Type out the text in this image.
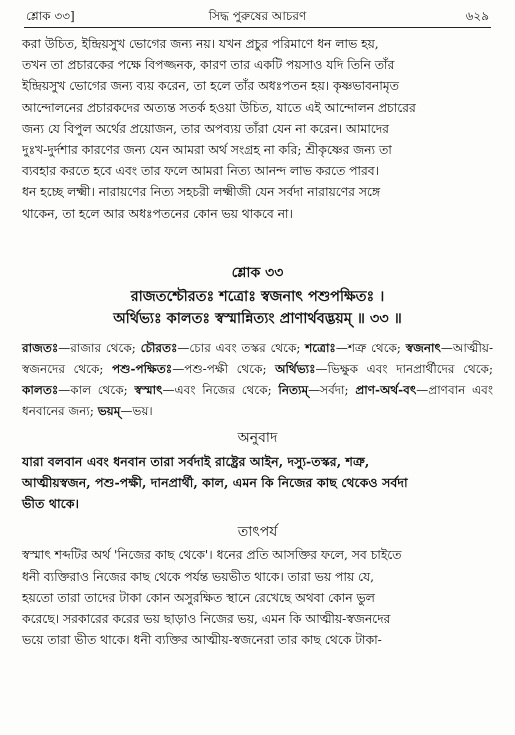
শ্লোক ৩৩]	সিদ্ধ পুরুষের আচরণ	৬২৯

করা উচিত, ইন্দ্রিয়সুখ ভোগের জন্য নয়। যখন প্রচুর পরিমাণে ধন লাভ হয়,

তখন তা প্রচারকের পক্ষে বিপজ্জনক, কারণ তার একটি পয়সাও যদি তিনি তাঁর

ইন্দ্রিয়সুখ ভোগের জন্য ব্যয় করেন, তা হলে তাঁর অধঃপতন হয়। কৃষ্ণভাবনামৃত

আন্দোলনের প্রচারকদের অত্যন্ত সতর্ক হওয়া উচিত, যাতে এই আন্দোলন প্রচারের

জন্য যে বিপুল অর্থের প্রয়োজন, তার অপব্যয় তাঁরা যেন না করেন। আমাদের

দুঃখ-দুর্দশার কারণের জন্য যেন আমরা অর্থ সংগ্রহ না করি; শ্রীকৃষ্ণের জন্য তা

ব্যবহার করতে হবে এবং তার ফলে আমরা নিত্য আনন্দ লাভ করতে পারব।

ধন হচ্ছে লক্ষ্মী। নারায়ণের নিত্য সহচরী লক্ষ্মীজী যেন সর্বদা নারায়ণের সঙ্গে

থাকেন, তা হলে আর অধঃপতনের কোন ভয় থাকবে না।

শ্লোক ৩৩

রাজতশ্চৌরতঃ শত্রোঃ স্বজনাৎ পশুপক্ষিতঃ ।

অর্থিভ্যঃ কালতঃ স্বস্মান্নিত্যং প্রাণার্থবদ্ভয়ম্ ॥ ৩৩ ॥

রাজতঃ—রাজার থেকে; চৌরতঃ—চোর এবং তস্কর থেকে; শত্রোঃ—শত্রু থেকে; স্বজনাৎ—আত্মীয়-স্বজনদের থেকে; পশু-পক্ষিতঃ—পশু-পক্ষী থেকে; অর্থিভ্যঃ—ভিক্ষুক এবং দানপ্রার্থীদের থেকে; কালতঃ—কাল থেকে; স্বস্মাৎ—এবং নিজের থেকে; নিত্যম্—সর্বদা; প্রাণ-অর্থ-বৎ—প্রাণবান এবং ধনবানের জন্য; ভয়ম্—ভয়।

অনুবাদ

যারা বলবান এবং ধনবান তারা সর্বদাই রাষ্ট্রের আইন, দস্যু-তস্কর, শত্রু,

আত্মীয়স্বজন, পশু-পক্ষী, দানপ্রার্থী, কাল, এমন কি নিজের কাছ থেকেও সর্বদা

ভীত থাকে।

তাৎপর্য

স্বস্মাৎ শব্দটির অর্থ 'নিজের কাছ থেকে'। ধনের প্রতি আসক্তির ফলে, সব চাইতে

ধনী ব্যক্তিরাও নিজের কাছ থেকে পর্যন্ত ভয়ভীত থাকে। তারা ভয় পায় যে,

হয়তো তারা তাদের টাকা কোন অসুরক্ষিত স্থানে রেখেছে অথবা কোন ভুল

করেছে। সরকারের করের ভয় ছাড়াও নিজের ভয়, এমন কি আত্মীয়-স্বজনদের

ভয়ে তারা ভীত থাকে। ধনী ব্যক্তির আত্মীয়-স্বজনেরা তার কাছ থেকে টাকা-
